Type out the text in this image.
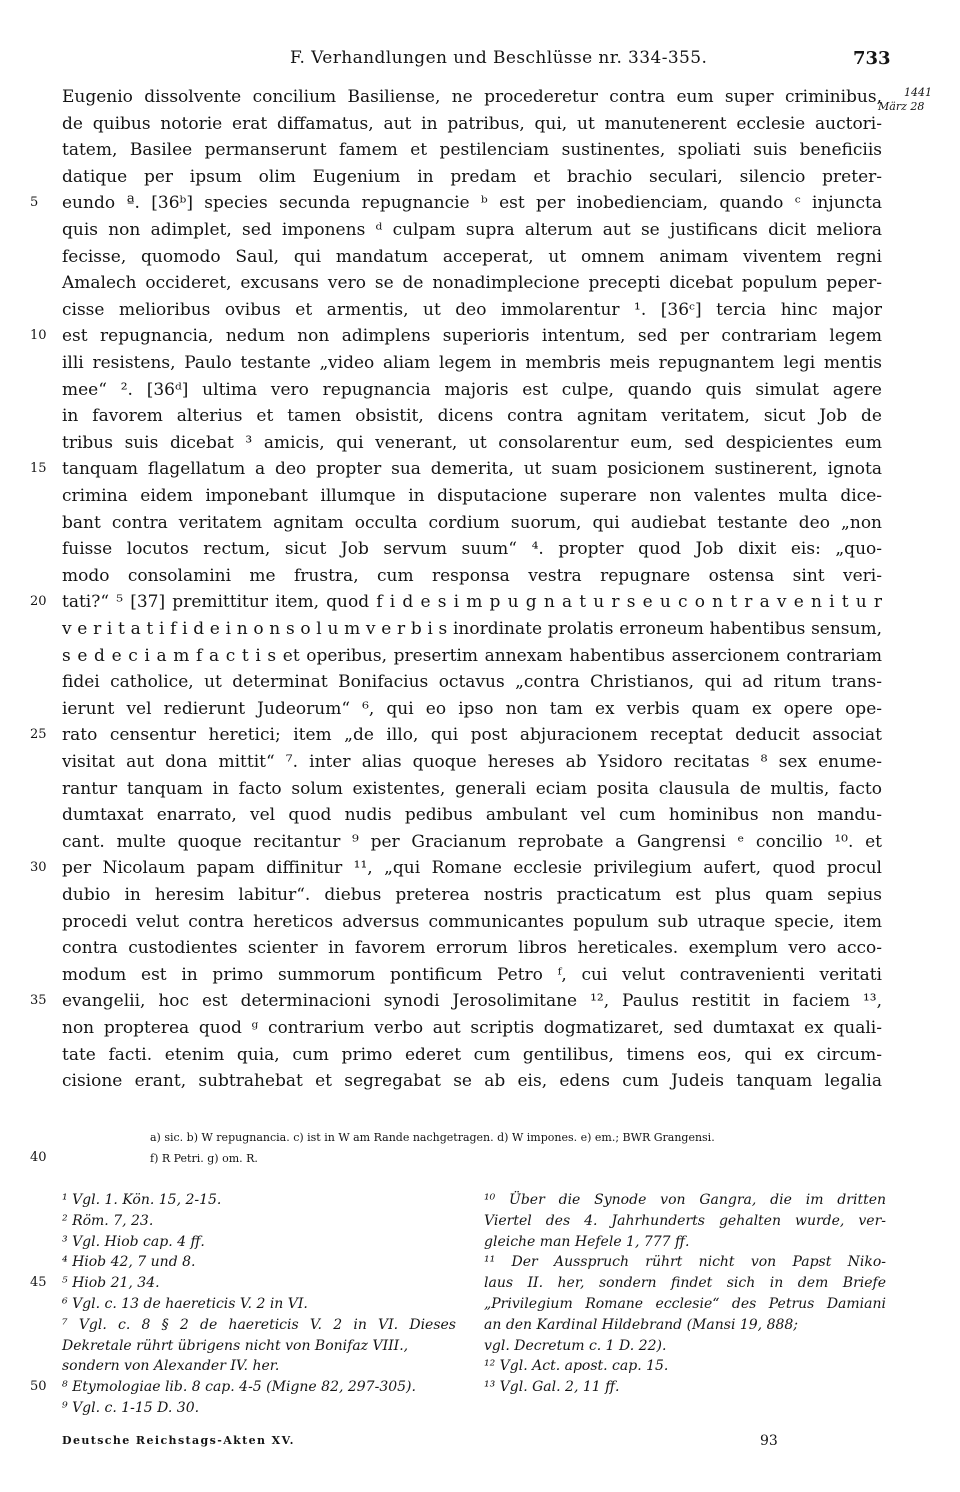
F. Verhandlungen und Beschlüsse nr. 334-355.	733
1441
März 28
Eugenio dissolvente concilium Basiliense, ne procederetur contra eum super criminibus,
de quibus notorie erat diffamatus, aut in patribus, qui, ut manutenerent ecclesie auctori-
tatem, Basilee permanserunt famem et pestilenciam sustinentes, spoliati suis beneficiis
datique per ipsum olim Eugenium in predam et brachio seculari, silencio preter-
eundo ª. [36ᵇ] species secunda repugnancie ᵇ est per inobedienciam, quando ᶜ injuncta
quis non adimplet, sed imponens ᵈ culpam supra alterum aut se justificans dicit meliora
fecisse, quomodo Saul, qui mandatum acceperat, ut omnem animam viventem regni
Amalech occideret, excusans vero se de nonadimplecione precepti dicebat populum peper-
cisse melioribus ovibus et armentis, ut deo immolarentur ¹. [36ᶜ] tercia hinc major
est repugnancia, nedum non adimplens superioris intentum, sed per contrariam legem
illi resistens, Paulo testante „video aliam legem in membris meis repugnantem legi mentis
mee“ ². [36ᵈ] ultima vero repugnancia majoris est culpe, quando quis simulat agere
in favorem alterius et tamen obsistit, dicens contra agnitam veritatem, sicut Job de
tribus suis dicebat ³ amicis, qui venerant, ut consolarentur eum, sed despicientes eum
tanquam flagellatum a deo propter sua demerita, ut suam posicionem sustinerent, ignota
crimina eidem imponebant illumque in disputacione superare non valentes multa dice-
bant contra veritatem agnitam occulta cordium suorum, qui audiebat testante deo „non
fuisse locutos rectum, sicut Job servum suum“ ⁴. propter quod Job dixit eis: „quo-
modo consolamini me frustra, cum responsa vestra repugnare ostensa sint veri-
tati?“ ⁵ [37] premittitur item, quod f i d e s i m p u g n a t u r s e u c o n t r a v e n i t u r
v e r i t a t i f i d e i n o n s o l u m v e r b i s inordinate prolatis erroneum habentibus sensum,
s e d e c i a m f a c t i s et operibus, presertim annexam habentibus assercionem contrariam
fidei catholice, ut determinat Bonifacius octavus „contra Christianos, qui ad ritum trans-
ierunt vel redierunt Judeorum“ ⁶, qui eo ipso non tam ex verbis quam ex opere ope-
rato censentur heretici; item „de illo, qui post abjuracionem receptat deducit associat
visitat aut dona mittit“ ⁷. inter alias quoque hereses ab Ysidoro recitatas ⁸ sex enume-
rantur tanquam in facto solum existentes, generali eciam posita clausula de multis, facto
dumtaxat enarrato, vel quod nudis pedibus ambulant vel cum hominibus non mandu-
cant. multe quoque recitantur ⁹ per Gracianum reprobate a Gangrensi ᵉ concilio ¹⁰. et
per Nicolaum papam diffinitur ¹¹, „qui Romane ecclesie privilegium aufert, quod procul
dubio in heresim labitur“. diebus preterea nostris practicatum est plus quam sepius
procedi velut contra hereticos adversus communicantes populum sub utraque specie, item
contra custodientes scienter in favorem errorum libros hereticales. exemplum vero acco-
modum est in primo summorum pontificum Petro ᶠ, cui velut contravenienti veritati
evangelii, hoc est determinacioni synodi Jerosolimitane ¹², Paulus restitit in faciem ¹³,
non propterea quod ᵍ contrarium verbo aut scriptis dogmatizaret, sed dumtaxat ex quali-
tate facti. etenim quia, cum primo ederet cum gentilibus, timens eos, qui ex circum-
cisione erant, subtrahebat et segregabat se ab eis, edens cum Judeis tanquam legalia
5
10
15
20
25
30
35
a) sic. b) W repugnancia. c) ist in W am Rande nachgetragen. d) W impones. e) em.; BWR Grangensi.
f) R Petri. g) om. R.
40
¹ Vgl. 1. Kön. 15, 2-15.
² Röm. 7, 23.
³ Vgl. Hiob cap. 4 ff.
⁴ Hiob 42, 7 und 8.
⁵ Hiob 21, 34.
⁶ Vgl. c. 13 de haereticis V. 2 in VI.
⁷ Vgl. c. 8 § 2 de haereticis V. 2 in VI. Dieses
Dekretale rührt übrigens nicht von Bonifaz VIII.,
sondern von Alexander IV. her.
⁸ Etymologiae lib. 8 cap. 4-5 (Migne 82, 297-305).
⁹ Vgl. c. 1-15 D. 30.
¹⁰ Über die Synode von Gangra, die im dritten
Viertel des 4. Jahrhunderts gehalten wurde, ver-
gleiche man Hefele 1, 777 ff.
¹¹ Der Ausspruch rührt nicht von Papst Niko-
laus II. her, sondern findet sich in dem Briefe
„Privilegium Romane ecclesie“ des Petrus Damiani
an den Kardinal Hildebrand (Mansi 19, 888;
vgl. Decretum c. 1 D. 22).
¹² Vgl. Act. apost. cap. 15.
¹³ Vgl. Gal. 2, 11 ff.
45
50
Deutsche Reichstags-Akten XV.	93
